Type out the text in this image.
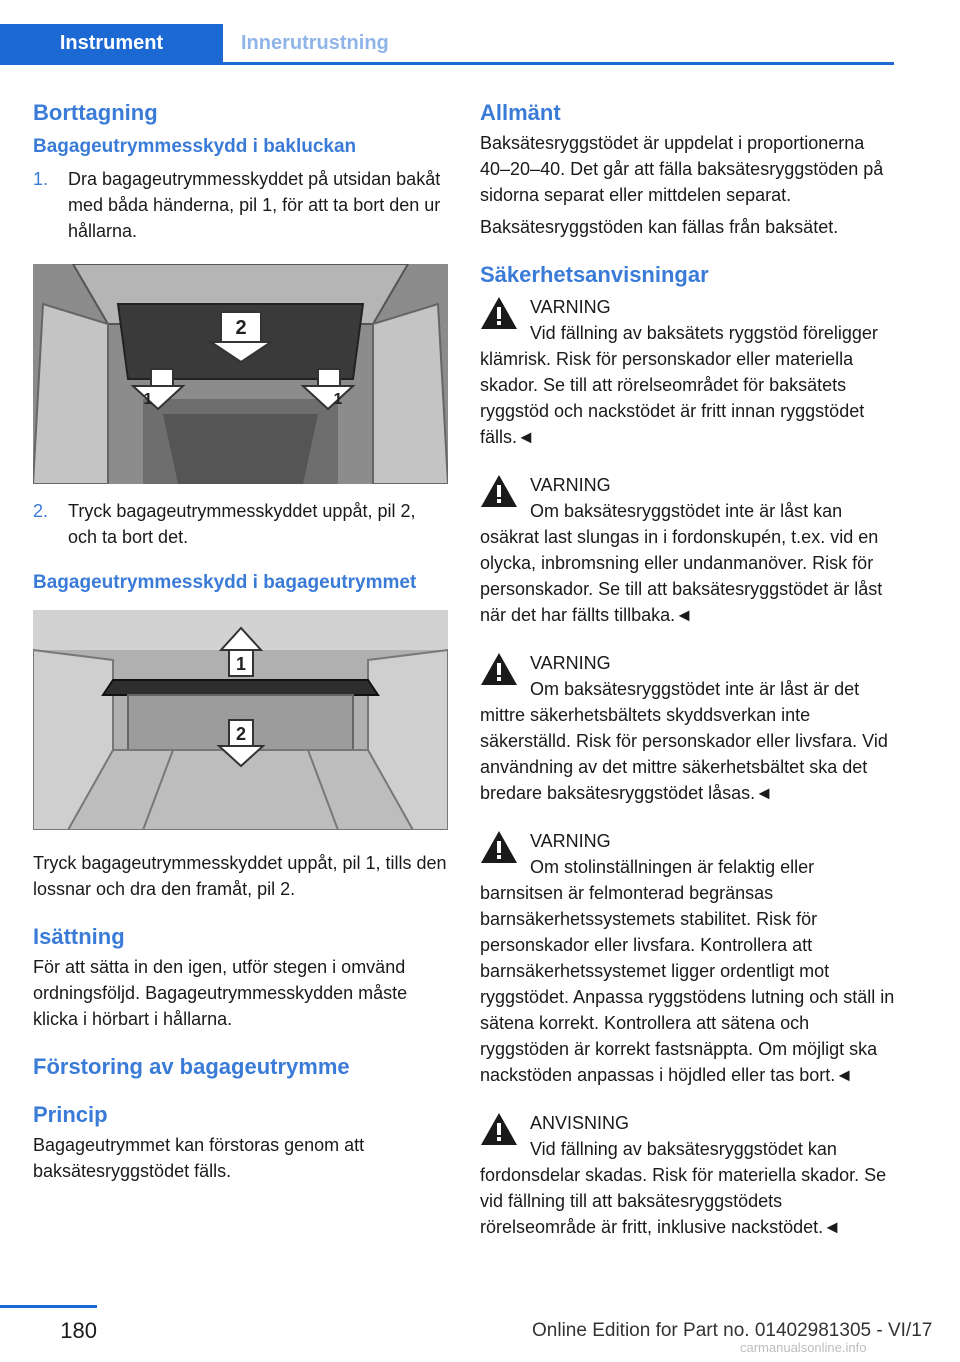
Instrument	Innerutrustning
Borttagning
Bagageutrymmesskydd i bakluckan
1.	Dra bagageutrymmesskyddet på utsidan bakåt med båda händerna, pil 1, för att ta bort den ur hållarna.
2
1	1
2.	Tryck bagageutrymmesskyddet uppåt, pil 2, och ta bort det.
Bagageutrymmesskydd i bagageutrymmet
1
2

Tryck bagageutrymmesskyddet uppåt, pil 1, tills den lossnar och dra den framåt, pil 2.

Isättning

För att sätta in den igen, utför stegen i omvänd ordningsföljd. Bagageutrymmesskydden måste klicka i hörbart i hållarna.

Förstoring av bagageutrymme
Princip

Bagageutrymmet kan förstoras genom att baksätesryggstödet fälls.

Allmänt

Baksätesryggstödet är uppdelat i proportionerna 40–20–40. Det går att fälla baksätesryggstöden på sidorna separat eller mittdelen separat.

Baksätesryggstöden kan fällas från baksätet.

Säkerhetsanvisningar
VARNING

Vid fällning av baksätets ryggstöd föreligger klämrisk. Risk för personskador eller materiella skador. Se till att rörelseområdet för baksätets ryggstöd och nackstödet är fritt innan ryggstödet fälls.◄

VARNING

Om baksätesryggstödet inte är låst kan osäkrat last slungas in i fordonskupén, t.ex. vid en olycka, inbromsning eller undanmanöver. Risk för personskador. Se till att baksätesryggstödet är låst när det har fällts tillbaka.◄

VARNING

Om baksätesryggstödet inte är låst är det mittre säkerhetsbältets skyddsverkan inte säkerställd. Risk för personskador eller livsfara. Vid användning av det mittre säkerhetsbältet ska det bredare baksätesryggstödet låsas.◄

VARNING

Om stolinställningen är felaktig eller barnsitsen är felmonterad begränsas barnsäkerhetssystemets stabilitet. Risk för personskador eller livsfara. Kontrollera att barnsäkerhetssystemet ligger ordentligt mot ryggstödet. Anpassa ryggstödens lutning och ställ in sätena korrekt. Kontrollera att sätena och ryggstöden är korrekt fastsnäppta. Om möjligt ska nackstöden anpassas i höjdled eller tas bort.◄

ANVISNING

Vid fällning av baksätesryggstödet kan fordonsdelar skadas. Risk för materiella skador. Se vid fällning till att baksätesryggstödets rörelseområde är fritt, inklusive nackstödet.◄

180	Online Edition for Part no. 01402981305 - VI/17
carmanualsonline.info
